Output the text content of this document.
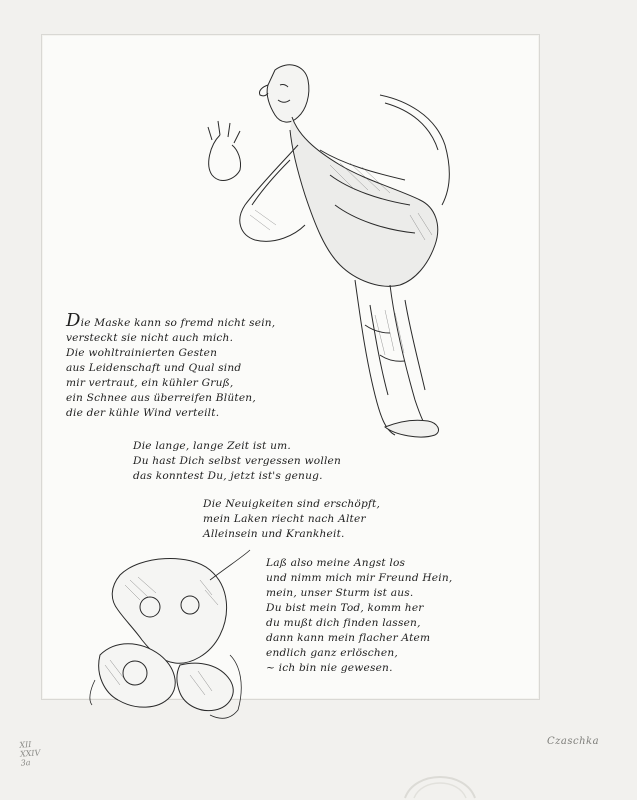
Die Maske kann so fremd nicht sein,
versteckt sie nicht auch mich.
Die wohltrainierten Gesten
aus Leidenschaft und Qual sind
mir vertraut, ein kühler Gruß,
ein Schnee aus überreifen Blüten,
die der kühle Wind verteilt.
Die lange, lange Zeit ist um.
Du hast Dich selbst vergessen wollen
das konntest Du, jetzt ist's genug.
Die Neuigkeiten sind erschöpft,
mein Laken riecht nach Alter
Alleinsein und Krankheit.
Laß also meine Angst los
und nimm mich mir Freund Hein,
mein, unser Sturm ist aus.
Du bist mein Tod, komm her
du mußt dich finden lassen,
dann kann mein flacher Atem
endlich ganz erlöschen,
~ ich bin nie gewesen.
XII
XXIV
3a
Czaschka
